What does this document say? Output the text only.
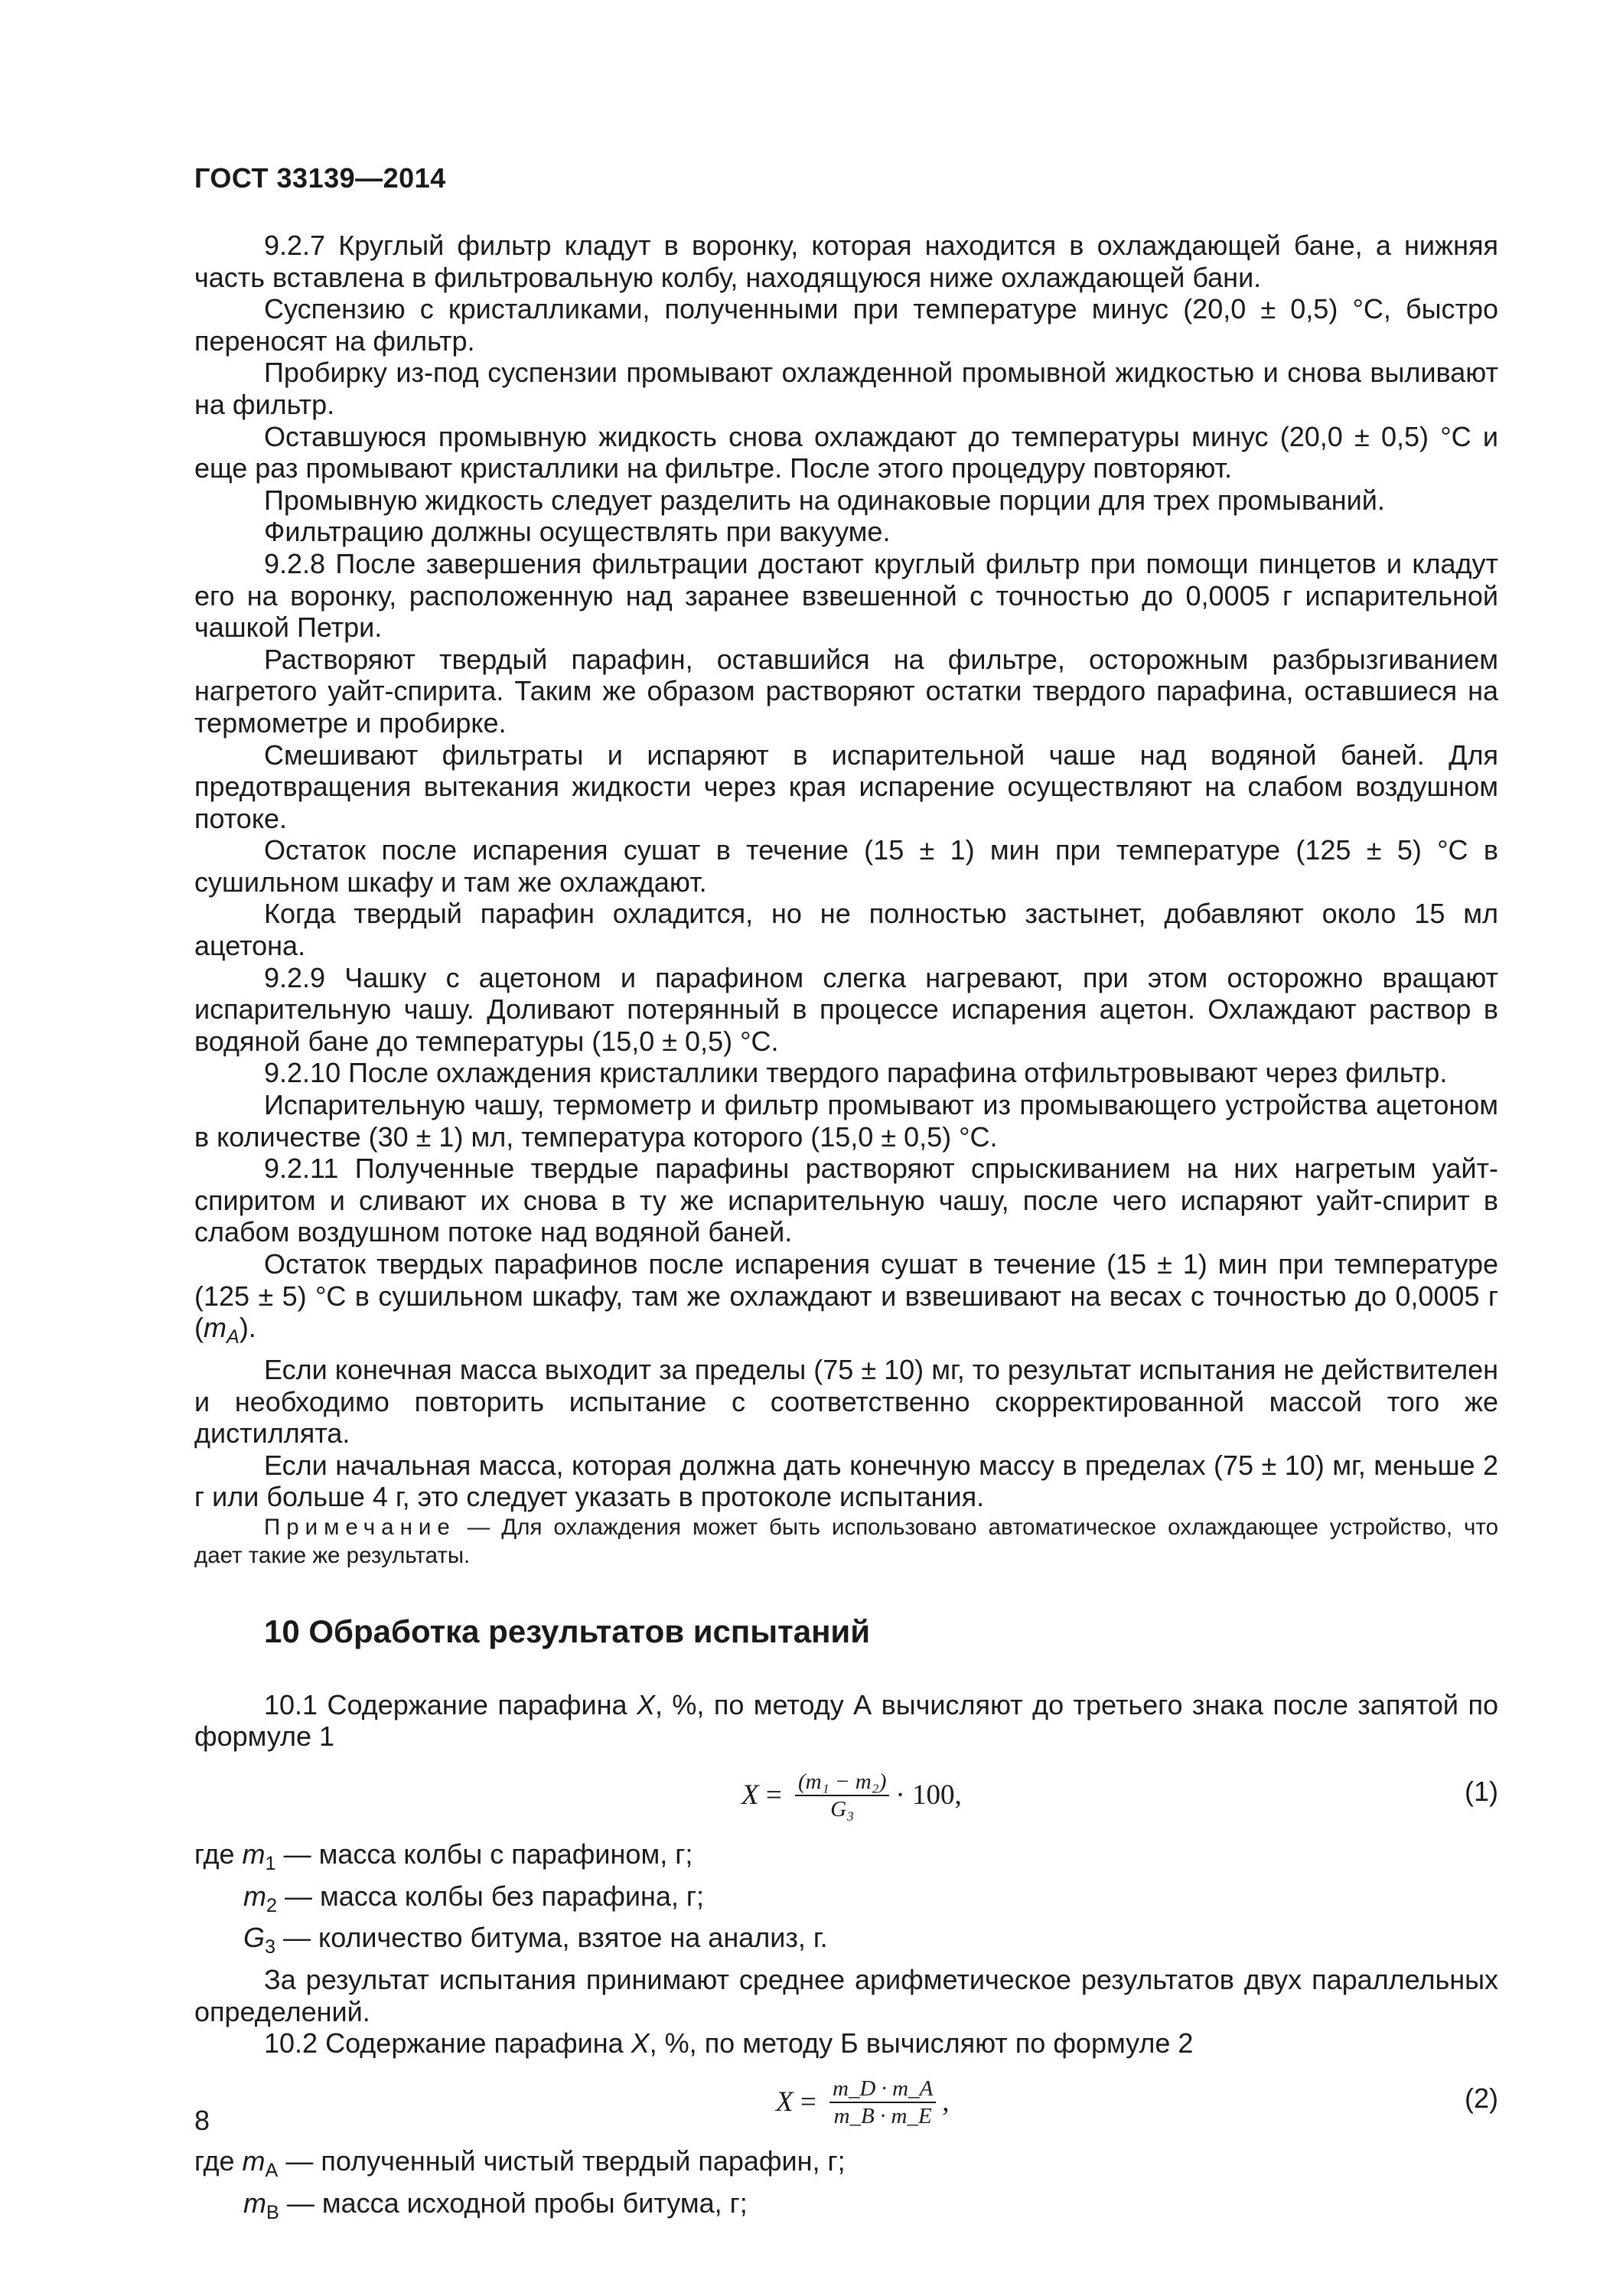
ГОСТ 33139—2014

9.2.7 Круглый фильтр кладут в воронку, которая находится в охлаждающей бане, а нижняя часть вставлена в фильтровальную колбу, находящуюся ниже охлаждающей бани.

Суспензию с кристалликами, полученными при температуре минус (20,0 ± 0,5) °С, быстро переносят на фильтр.

Пробирку из-под суспензии промывают охлажденной промывной жидкостью и снова выливают на фильтр.

Оставшуюся промывную жидкость снова охлаждают до температуры минус (20,0 ± 0,5) °С и еще раз промывают кристаллики на фильтре. После этого процедуру повторяют.

Промывную жидкость следует разделить на одинаковые порции для трех промываний.

Фильтрацию должны осуществлять при вакууме.

9.2.8 После завершения фильтрации достают круглый фильтр при помощи пинцетов и кладут его на воронку, расположенную над заранее взвешенной с точностью до 0,0005 г испарительной чашкой Петри.

Растворяют твердый парафин, оставшийся на фильтре, осторожным разбрызгиванием нагретого уайт-спирита. Таким же образом растворяют остатки твердого парафина, оставшиеся на термометре и пробирке.

Смешивают фильтраты и испаряют в испарительной чаше над водяной баней. Для предотвращения вытекания жидкости через края испарение осуществляют на слабом воздушном потоке.

Остаток после испарения сушат в течение (15 ± 1) мин при температуре (125 ± 5) °С в сушильном шкафу и там же охлаждают.

Когда твердый парафин охладится, но не полностью застынет, добавляют около 15 мл ацетона.

9.2.9 Чашку с ацетоном и парафином слегка нагревают, при этом осторожно вращают испарительную чашу. Доливают потерянный в процессе испарения ацетон. Охлаждают раствор в водяной бане до температуры (15,0 ± 0,5) °С.

9.2.10 После охлаждения кристаллики твердого парафина отфильтровывают через фильтр.

Испарительную чашу, термометр и фильтр промывают из промывающего устройства ацетоном в количестве (30 ± 1) мл, температура которого (15,0 ± 0,5) °С.

9.2.11 Полученные твердые парафины растворяют спрыскиванием на них нагретым уайт-спиритом и сливают их снова в ту же испарительную чашу, после чего испаряют уайт-спирит в слабом воздушном потоке над водяной баней.

Остаток твердых парафинов после испарения сушат в течение (15 ± 1) мин при температуре (125 ± 5) °С в сушильном шкафу, там же охлаждают и взвешивают на весах с точностью до 0,0005 г $(m_A)$.

Если конечная масса выходит за пределы (75 ± 10) мг, то результат испытания не действителен и необходимо повторить испытание с соответственно скорректированной массой того же дистиллята.

Если начальная масса, которая должна дать конечную массу в пределах (75 ± 10) мг, меньше 2 г или больше 4 г, это следует указать в протоколе испытания.

Примечание — Для охлаждения может быть использовано автоматическое охлаждающее устройство, что дает такие же результаты.

10 Обработка результатов испытаний

10.1 Содержание парафина X, %, по методу А вычисляют до третьего знака после запятой по формуле 1

$X = \frac{\text{(m₁ − m₂)}}{\text{G₃}} \cdot 100$,	(1)
где $m_1$ — масса колбы с парафином, г;
$m_2$ — масса колбы без парафина, г;
$G_3$ — количество битума, взятое на анализ, г.

За результат испытания принимают среднее арифметическое результатов двух параллельных определений.

10.2 Содержание парафина X, %, по методу Б вычисляют по формуле 2

$X = \frac{m\_D \cdot m\_A}{m\_B \cdot m\_E}$ ,	(2)
где $m_A$ — полученный чистый твердый парафин, г;
$m_B$ — масса исходной пробы битума, г;
8
